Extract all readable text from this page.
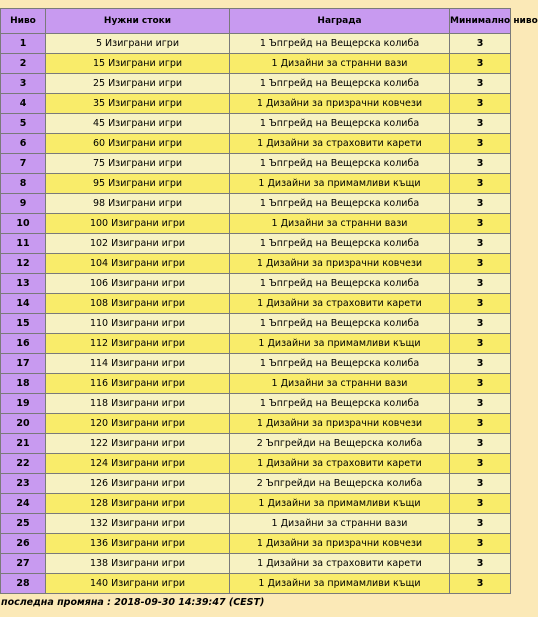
Ниво	Нужни стоки	Награда	Минимално ниво
1	5 Изиграни игри	1 Ъпгрейд на Вещерска колиба	3
2	15 Изиграни игри	1 Дизайни за странни вази	3
3	25 Изиграни игри	1 Ъпгрейд на Вещерска колиба	3
4	35 Изиграни игри	1 Дизайни за призрачни ковчези	3
5	45 Изиграни игри	1 Ъпгрейд на Вещерска колиба	3
6	60 Изиграни игри	1 Дизайни за страховити карети	3
7	75 Изиграни игри	1 Ъпгрейд на Вещерска колиба	3
8	95 Изиграни игри	1 Дизайни за примамливи къщи	3
9	98 Изиграни игри	1 Ъпгрейд на Вещерска колиба	3
10	100 Изиграни игри	1 Дизайни за странни вази	3
11	102 Изиграни игри	1 Ъпгрейд на Вещерска колиба	3
12	104 Изиграни игри	1 Дизайни за призрачни ковчези	3
13	106 Изиграни игри	1 Ъпгрейд на Вещерска колиба	3
14	108 Изиграни игри	1 Дизайни за страховити карети	3
15	110 Изиграни игри	1 Ъпгрейд на Вещерска колиба	3
16	112 Изиграни игри	1 Дизайни за примамливи къщи	3
17	114 Изиграни игри	1 Ъпгрейд на Вещерска колиба	3
18	116 Изиграни игри	1 Дизайни за странни вази	3
19	118 Изиграни игри	1 Ъпгрейд на Вещерска колиба	3
20	120 Изиграни игри	1 Дизайни за призрачни ковчези	3
21	122 Изиграни игри	2 Ъпгрейди на Вещерска колиба	3
22	124 Изиграни игри	1 Дизайни за страховити карети	3
23	126 Изиграни игри	2 Ъпгрейди на Вещерска колиба	3
24	128 Изиграни игри	1 Дизайни за примамливи къщи	3
25	132 Изиграни игри	1 Дизайни за странни вази	3
26	136 Изиграни игри	1 Дизайни за призрачни ковчези	3
27	138 Изиграни игри	1 Дизайни за страховити карети	3
28	140 Изиграни игри	1 Дизайни за примамливи къщи	3
последна промяна : 2018-09-30 14:39:47 (CEST)
